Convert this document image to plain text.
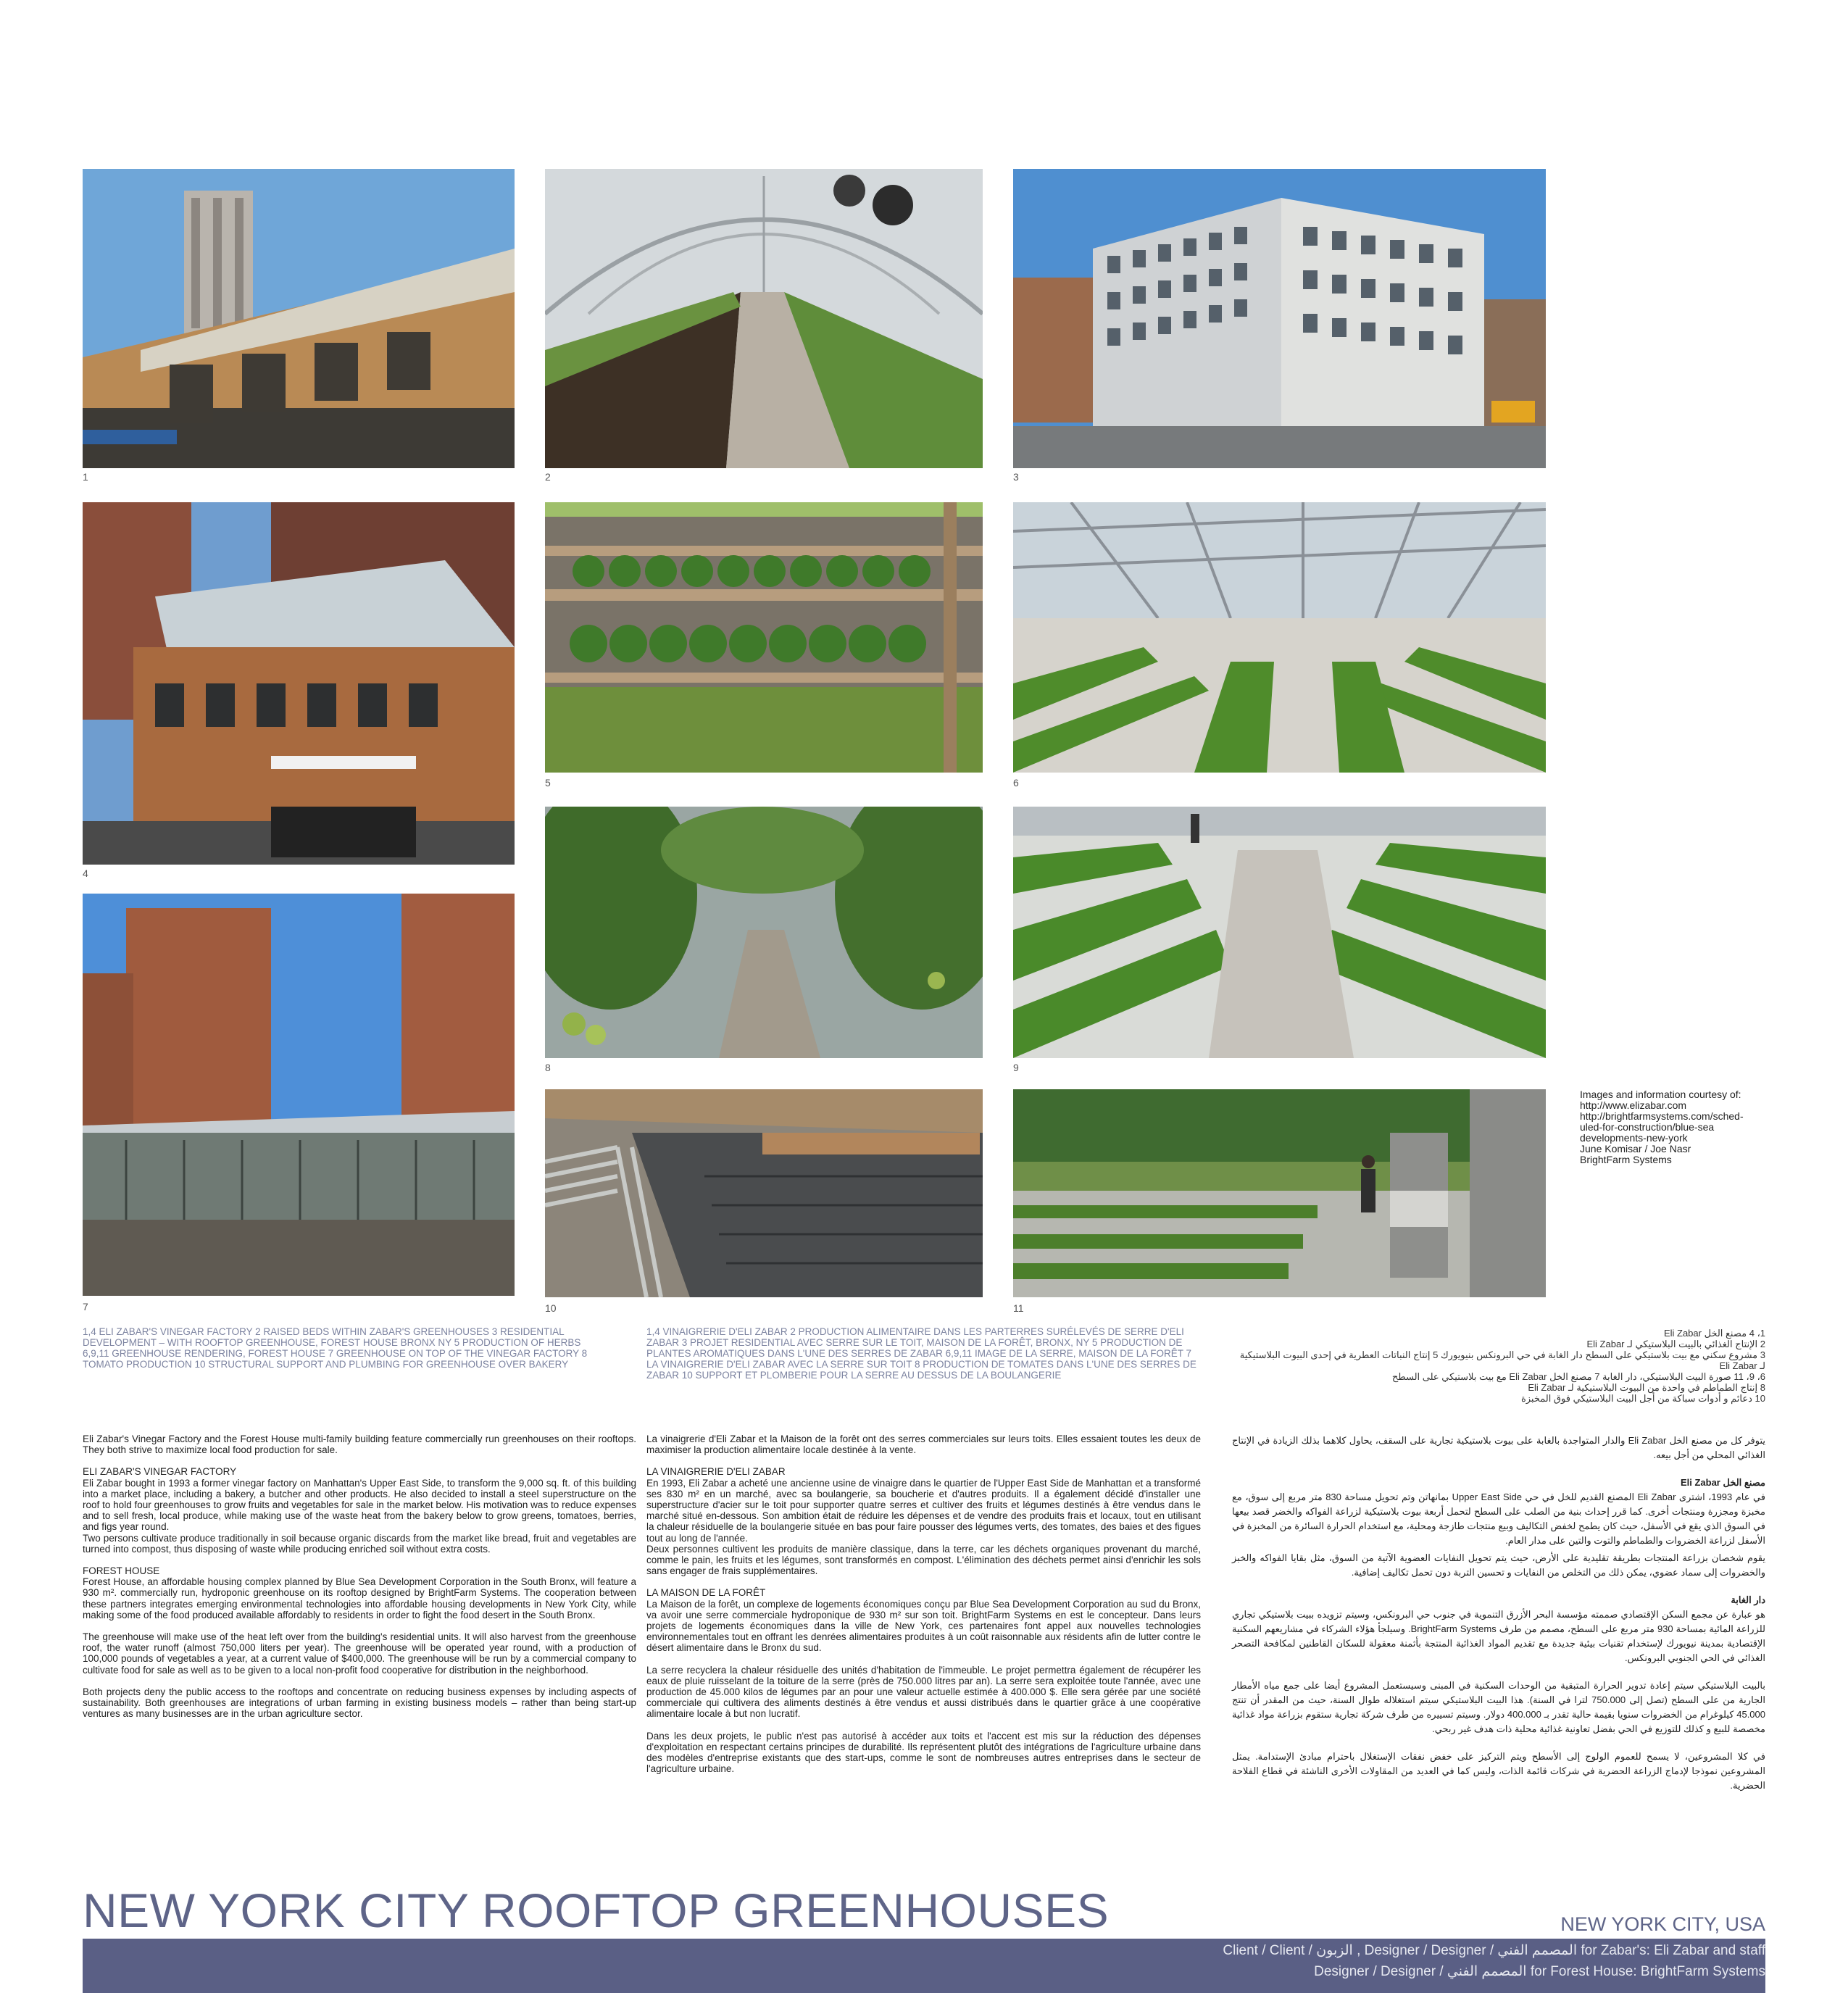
1	2	3
4
5	6
7
8	9
10	11
Images and information courtesy of:
http://www.elizabar.com
http://brightfarmsystems.com/sched-
uled-for-construction/blue-sea
developments-new-york
June Komisar / Joe Nasr
BrightFarm Systems
1,4 ELI ZABAR'S VINEGAR FACTORY 2 RAISED BEDS WITHIN ZABAR'S GREENHOUSES 3 RESIDENTIAL DEVELOPMENT – WITH ROOFTOP GREENHOUSE, FOREST HOUSE BRONX NY 5 PRODUCTION OF HERBS 6,9,11 GREENHOUSE RENDERING, FOREST HOUSE 7 GREENHOUSE ON TOP OF THE VINEGAR FACTORY 8 TOMATO PRODUCTION 10 STRUCTURAL SUPPORT AND PLUMBING FOR GREENHOUSE OVER BAKERY
1,4 VINAIGRERIE D'ELI ZABAR 2 PRODUCTION ALIMENTAIRE DANS LES PARTERRES SURÉLEVÉS DE SERRE D'ELI ZABAR 3 PROJET RESIDENTIAL AVEC SERRE SUR LE TOIT, MAISON DE LA FORÊT, BRONX, NY 5 PRODUCTION DE PLANTES AROMATIQUES DANS L'UNE DES SERRES DE ZABAR 6,9,11 IMAGE DE LA SERRE, MAISON DE LA FORÊT 7 LA VINAIGRERIE D'ELI ZABAR AVEC LA SERRE SUR TOIT 8 PRODUCTION DE TOMATES DANS L'UNE DES SERRES DE ZABAR 10 SUPPORT ET PLOMBERIE POUR LA SERRE AU DESSUS DE LA BOULANGERIE
1، 4 مصنع الخل Eli Zabar
2 الإنتاج الغذائي بالبيت البلاستيكي لـ Eli Zabar
3 مشروع سكني مع بيت بلاستيكي على السطح دار الغابة في حي البرونكس بنيويورك 5 إنتاج النباتات العطرية في إحدى البيوت البلاستيكية لـ Eli Zabar
6، 9، 11 صورة البيت البلاستيكي، دار الغابة 7 مصنع الخل Eli Zabar مع بيت بلاستيكي على السطح
8 إنتاج الطماطم في واحدة من البيوت البلاستيكية لـ Eli Zabar
10 دعائم و أدوات سباكة من أجل البيت البلاستيكي فوق المخبزة

Eli Zabar's Vinegar Factory and the Forest House multi-family building feature commercially run greenhouses on their rooftops. They both strive to maximize local food production for sale.

ELI ZABAR'S VINEGAR FACTORY

Eli Zabar bought in 1993 a former vinegar factory on Manhattan's Upper East Side, to transform the 9,000 sq. ft. of this building into a market place, including a bakery, a butcher and other products. He also decided to install a steel superstructure on the roof to hold four greenhouses to grow fruits and vegetables for sale in the market below. His motivation was to reduce expenses and to sell fresh, local produce, while making use of the waste heat from the bakery below to grow greens, tomatoes, berries, and figs year round.

Two persons cultivate produce traditionally in soil because organic discards from the market like bread, fruit and vegetables are turned into compost, thus disposing of waste while producing enriched soil without extra costs.

FOREST HOUSE

Forest House, an affordable housing complex planned by Blue Sea Development Corporation in the South Bronx, will feature a 930 m². commercially run, hydroponic greenhouse on its rooftop designed by BrightFarm Systems. The cooperation between these partners integrates emerging environmental technologies into affordable housing developments in New York City, while making some of the food produced available affordably to residents in order to fight the food desert in the South Bronx.

The greenhouse will make use of the heat left over from the building's residential units. It will also harvest from the greenhouse roof, the water runoff (almost 750,000 liters per year). The greenhouse will be operated year round, with a production of 100,000 pounds of vegetables a year, at a current value of $400,000. The greenhouse will be run by a commercial company to cultivate food for sale as well as to be given to a local non-profit food cooperative for distribution in the neighborhood.

Both projects deny the public access to the rooftops and concentrate on reducing business expenses by including aspects of sustainability. Both greenhouses are integrations of urban farming in existing business models – rather than being start-up ventures as many businesses are in the urban agriculture sector.

La vinaigrerie d'Eli Zabar et la Maison de la forêt ont des serres commerciales sur leurs toits. Elles essaient toutes les deux de maximiser la production alimentaire locale destinée à la vente.

LA VINAIGRERIE D'ELI ZABAR

En 1993, Eli Zabar a acheté une ancienne usine de vinaigre dans le quartier de l'Upper East Side de Manhattan et a transformé ses 830 m² en un marché, avec sa boulangerie, sa boucherie et d'autres produits. Il a également décidé d'installer une superstructure d'acier sur le toit pour supporter quatre serres et cultiver des fruits et légumes destinés à être vendus dans le marché situé en-dessous. Son ambition était de réduire les dépenses et de vendre des produits frais et locaux, tout en utilisant la chaleur résiduelle de la boulangerie située en bas pour faire pousser des légumes verts, des tomates, des baies et des figues tout au long de l'année.

Deux personnes cultivent les produits de manière classique, dans la terre, car les déchets organiques provenant du marché, comme le pain, les fruits et les légumes, sont transformés en compost. L'élimination des déchets permet ainsi d'enrichir les sols sans engager de frais supplémentaires.

LA MAISON DE LA FORÊT

La Maison de la forêt, un complexe de logements économiques conçu par Blue Sea Development Corporation au sud du Bronx, va avoir une serre commerciale hydroponique de 930 m² sur son toit. BrightFarm Systems en est le concepteur. Dans leurs projets de logements économiques dans la ville de New York, ces partenaires font appel aux nouvelles technologies environnementales tout en offrant les denrées alimentaires produites à un coût raisonnable aux résidents afin de lutter contre le désert alimentaire dans le Bronx du sud.

La serre recyclera la chaleur résiduelle des unités d'habitation de l'immeuble. Le projet permettra également de récupérer les eaux de pluie ruisselant de la toiture de la serre (près de 750.000 litres par an). La serre sera exploitée toute l'année, avec une production de 45.000 kilos de légumes par an pour une valeur actuelle estimée à 400.000 $. Elle sera gérée par une société commerciale qui cultivera des aliments destinés à être vendus et aussi distribués dans le quartier grâce à une coopérative alimentaire locale à but non lucratif.

Dans les deux projets, le public n'est pas autorisé à accéder aux toits et l'accent est mis sur la réduction des dépenses d'exploitation en respectant certains principes de durabilité. Ils représentent plutôt des intégrations de l'agriculture urbaine dans des modèles d'entreprise existants que des start-ups, comme le sont de nombreuses autres entreprises dans le secteur de l'agriculture urbaine.

يتوفر كل من مصنع الخل Eli Zabar والدار المتواجدة بالغابة على بيوت بلاستيكية تجارية على السقف، يحاول كلاهما بذلك الزيادة في الإنتاج الغذائي المحلي من أجل بيعه.

مصنع الخل Eli Zabar

في عام 1993، اشترى Eli Zabar المصنع القديم للخل في حي Upper East Side بمانهاتن وتم تحويل مساحة 830 متر مربع إلى سوق، مع مخبزة ومجزرة ومنتجات أخرى. كما قرر إحداث بنية من الصلب على السطح لتحمل أربعة بيوت بلاستيكية لزراعة الفواكه والخضر قصد بيعها في السوق الذي يقع في الأسفل، حيث كان يطمح لخفض التكاليف وبيع منتجات طازجة ومحلية، مع استخدام الحرارة السائرة من المخبزة في الأسفل لزراعة الخضروات والطماطم والتوت والتين على مدار العام.

يقوم شخصان بزراعة المنتجات بطريقة تقليدية على الأرض، حيث يتم تحويل النفايات العضوية الآتية من السوق، مثل بقايا الفواكه والخبز والخضروات إلى سماد عضوي، يمكن ذلك من التخلص من النفايات و تحسين التربة دون تحمل تكاليف إضافية.

دار الغابة

هو عبارة عن مجمع السكن الإقتصادي صممته مؤسسة البحر الأزرق التنموية في جنوب حي البرونكس، وسيتم تزويده ببيت بلاستيكي تجاري للزراعة المائية بمساحة 930 متر مربع على السطح، مصمم من طرف BrightFarm Systems. وسيلجأ هؤلاء الشركاء في مشاريعهم السكنية الإقتصادية بمدينة نيويورك لإستخدام تقنيات بيئية جديدة مع تقديم المواد الغذائية المنتجة بأثمنة معقولة للسكان القاطنين لمكافحة التصحر الغذائي في الحي الجنوبي البرونكس.

بالبيت البلاستيكي سيتم إعادة تدوير الحرارة المتبقية من الوحدات السكنية في المبنى وسيستعمل المشروع أيضا على جمع مياه الأمطار الجارية من على السطح (تصل إلى 750.000 لترا في السنة). هذا البيت البلاستيكي سيتم استغلاله طوال السنة، حيث من المقدر أن تنتج 45.000 كيلوغرام من الخضروات سنويا بقيمة حالية تقدر بـ 400.000 دولار. وسيتم تسييره من طرف شركة تجارية ستقوم بزراعة مواد غذائية مخصصة للبيع و كذلك للتوزيع في الحي بفضل تعاونية غذائية محلية ذات هدف غير ربحي.

في كلا المشروعين، لا يسمح للعموم الولوج إلى الأسطح ويتم التركيز على خفض نفقات الإستغلال باحترام مبادئ الإستدامة. يمثل المشروعين نموذجا لإدماج الزراعة الحضرية في شركات قائمة الذات، وليس كما في العديد من المقاولات الأخرى الناشئة في قطاع الفلاحة الحضرية.

NEW YORK CITY ROOFTOP GREENHOUSES	NEW YORK CITY, USA
Client / Client / الزبون , Designer / Designer / المصمم الفني for Zabar's: Eli Zabar and staff
Designer / Designer / المصمم الفني for Forest House: BrightFarm Systems
